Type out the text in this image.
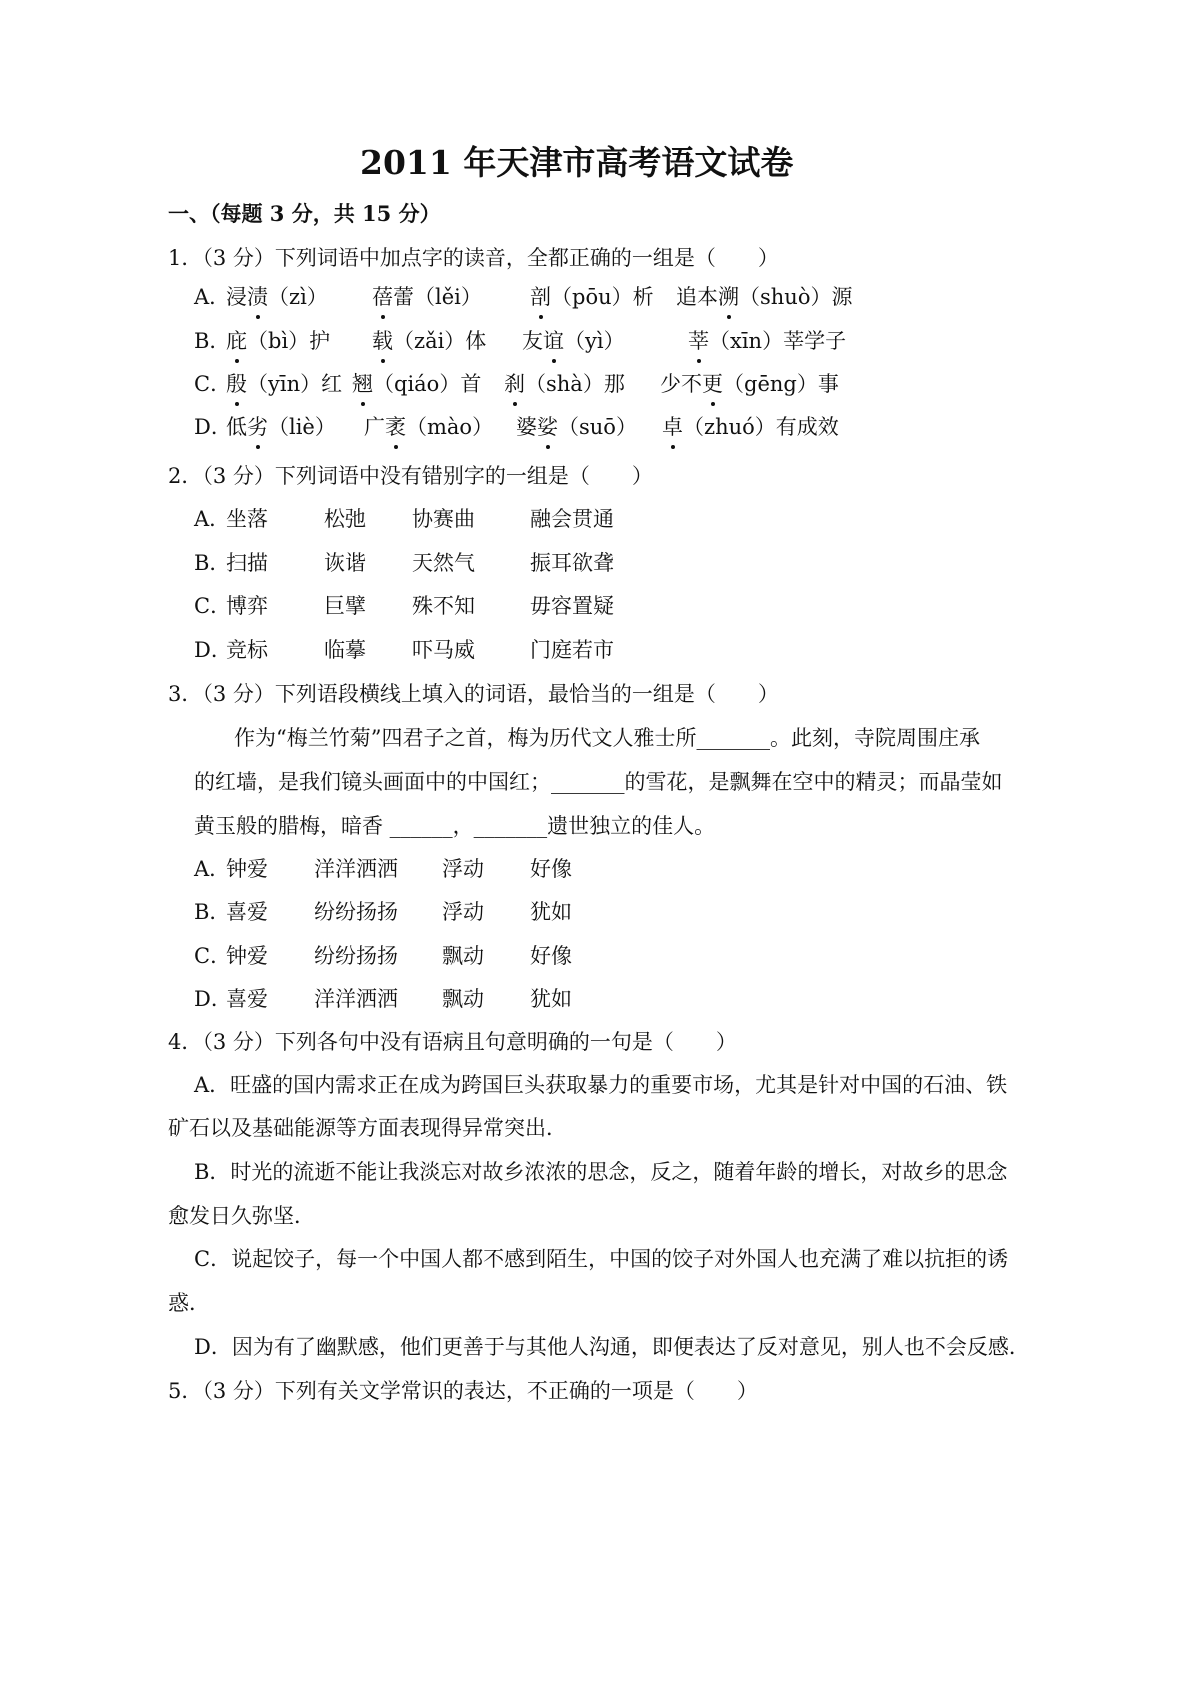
2011 年天津市高考语文试卷
一、（每题 3 分，共 15 分）
1．（3 分）下列词语中加点字的读音，全都正确的一组是（　　）
A．
浸渍（zì） 蓓蕾（lěi） 剖（pōu）析 追本溯（shuò）源
B．
庇（bì）护 载（zǎi）体 友谊（yì）	莘（xīn）莘学子
C．
殷（yīn）红 翘（qiáo）首 刹（shà）那 少不更（gēng）事
D．
低劣（liè） 广袤（mào） 婆娑（suō） 卓（zhuó）有成效
2．（3 分）下列词语中没有错别字的一组是（　　）
A．
坐落	松弛 协赛曲	融会贯通
B．
扫描	诙谐 天然气	振耳欲聋
C．
博弈	巨擘 殊不知	毋容置疑
D．
竞标	临摹 吓马威	门庭若市
3．（3 分）下列语段横线上填入的词语，最恰当的一组是（　　）
作为“梅兰竹菊”四君子之首，梅为历代文人雅士所_______。此刻，寺院周围庄承
的红墙，是我们镜头画面中的中国红；_______的雪花，是飘舞在空中的精灵；而晶莹如
黄玉般的腊梅，暗香 ______，_______遗世独立的佳人。
A．
钟爱 洋洋洒洒 浮动 好像
B．
喜爱 纷纷扬扬 浮动 犹如
C．
钟爱 纷纷扬扬 飘动 好像
D．
喜爱 洋洋洒洒 飘动 犹如
4．（3 分）下列各句中没有语病且句意明确的一句是（　　）
A．旺盛的国内需求正在成为跨国巨头获取暴力的重要市场，尤其是针对中国的石油、铁
矿石以及基础能源等方面表现得异常突出．
B．时光的流逝不能让我淡忘对故乡浓浓的思念，反之，随着年龄的增长，对故乡的思念
愈发日久弥坚．
C．说起饺子，每一个中国人都不感到陌生，中国的饺子对外国人也充满了难以抗拒的诱
惑．
D．因为有了幽默感，他们更善于与其他人沟通，即便表达了反对意见，别人也不会反感．
5．（3 分）下列有关文学常识的表达，不正确的一项是（　　）
